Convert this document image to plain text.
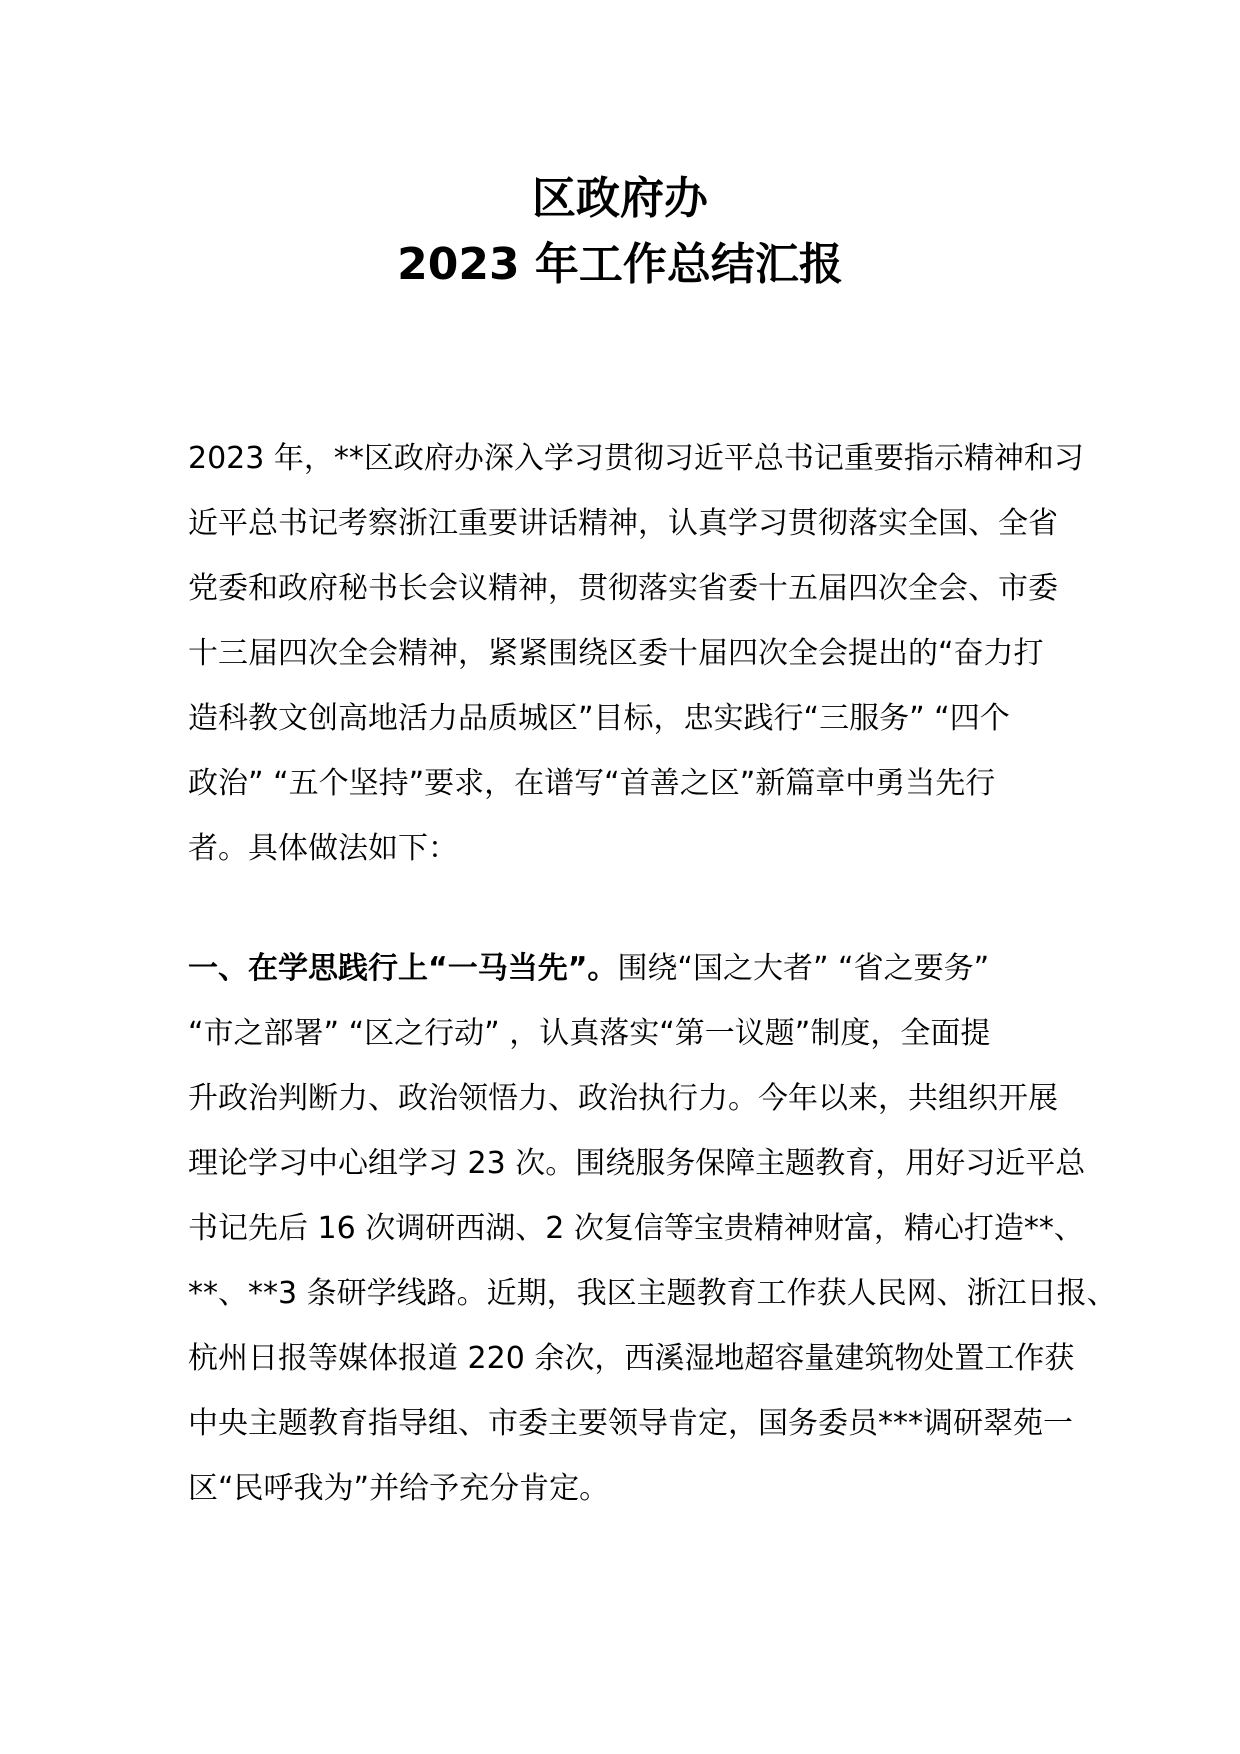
区政府办
2023 年工作总结汇报
2023 年，**区政府办深入学习贯彻习近平总书记重要指示精神和习
近平总书记考察浙江重要讲话精神，认真学习贯彻落实全国、全省
党委和政府秘书长会议精神，贯彻落实省委十五届四次全会、市委
十三届四次全会精神，紧紧围绕区委十届四次全会提出的“奋力打
造科教文创高地活力品质城区”目标，忠实践行“三服务” “四个
政治” “五个坚持”要求，在谱写“首善之区”新篇章中勇当先行
者。具体做法如下：
一、在学思践行上“一马当先”。围绕“国之大者” “省之要务”
“市之部署” “区之行动” ，认真落实“第一议题”制度，全面提
升政治判断力、政治领悟力、政治执行力。今年以来，共组织开展
理论学习中心组学习 23 次。围绕服务保障主题教育，用好习近平总
书记先后 16 次调研西湖、2 次复信等宝贵精神财富，精心打造**、
**、**3 条研学线路。近期，我区主题教育工作获人民网、浙江日报、
杭州日报等媒体报道 220 余次，西溪湿地超容量建筑物处置工作获
中央主题教育指导组、市委主要领导肯定，国务委员***调研翠苑一
区“民呼我为”并给予充分肯定。
